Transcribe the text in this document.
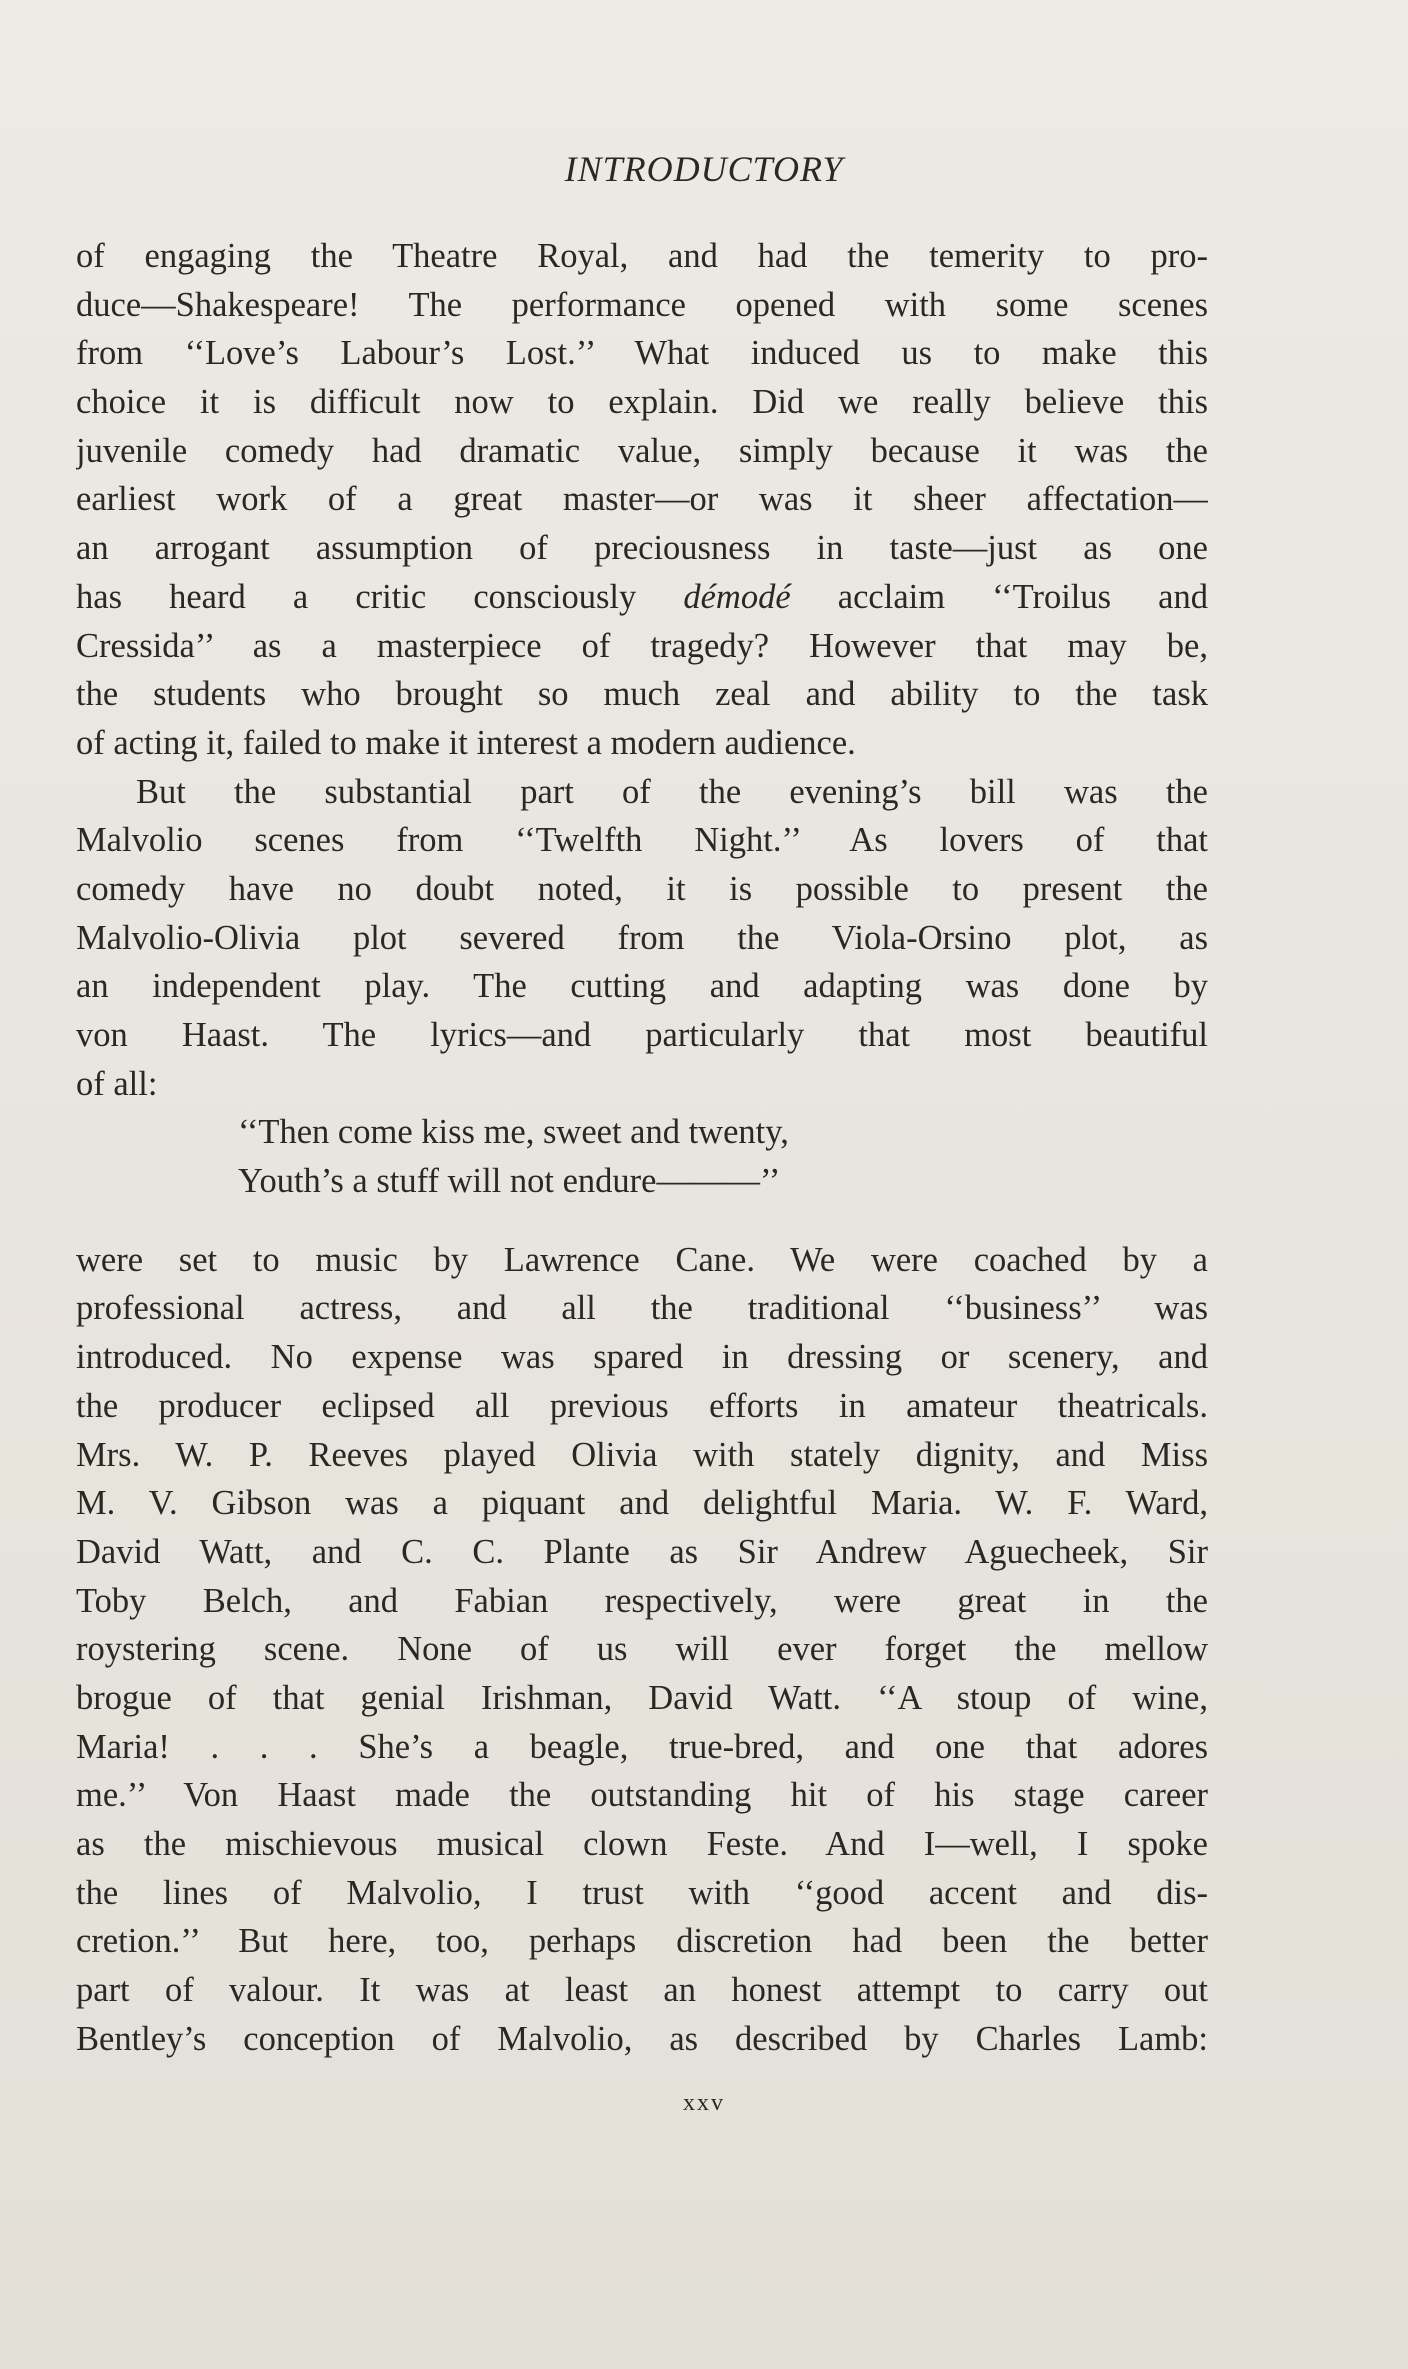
INTRODUCTORY
of engaging the Theatre Royal, and had the temerity to pro-
duce—Shakespeare! The performance opened with some scenes
from ‘‘Love’s Labour’s Lost.’’ What induced us to make this
choice it is difficult now to explain. Did we really believe this
juvenile comedy had dramatic value, simply because it was the
earliest work of a great master—or was it sheer affectation—
an arrogant assumption of preciousness in taste—just as one
has heard a critic consciously démodé acclaim ‘‘Troilus and
Cressida’’ as a masterpiece of tragedy? However that may be,
the students who brought so much zeal and ability to the task
of acting it, failed to make it interest a modern audience.
But the substantial part of the evening’s bill was the
Malvolio scenes from ‘‘Twelfth Night.’’ As lovers of that
comedy have no doubt noted, it is possible to present the
Malvolio-Olivia plot severed from the Viola-Orsino plot, as
an independent play. The cutting and adapting was done by
von Haast. The lyrics—and particularly that most beautiful
of all:
‘‘Then come kiss me, sweet and twenty,
Youth’s a stuff will not endure———’’
were set to music by Lawrence Cane. We were coached by a
professional actress, and all the traditional ‘‘business’’ was
introduced. No expense was spared in dressing or scenery, and
the producer eclipsed all previous efforts in amateur theatricals.
Mrs. W. P. Reeves played Olivia with stately dignity, and Miss
M. V. Gibson was a piquant and delightful Maria. W. F. Ward,
David Watt, and C. C. Plante as Sir Andrew Aguecheek, Sir
Toby Belch, and Fabian respectively, were great in the
roystering scene. None of us will ever forget the mellow
brogue of that genial Irishman, David Watt. ‘‘A stoup of wine,
Maria! . . . She’s a beagle, true-bred, and one that adores
me.’’ Von Haast made the outstanding hit of his stage career
as the mischievous musical clown Feste. And I—well, I spoke
the lines of Malvolio, I trust with ‘‘good accent and dis-
cretion.’’ But here, too, perhaps discretion had been the better
part of valour. It was at least an honest attempt to carry out
Bentley’s conception of Malvolio, as described by Charles Lamb:
xxv
